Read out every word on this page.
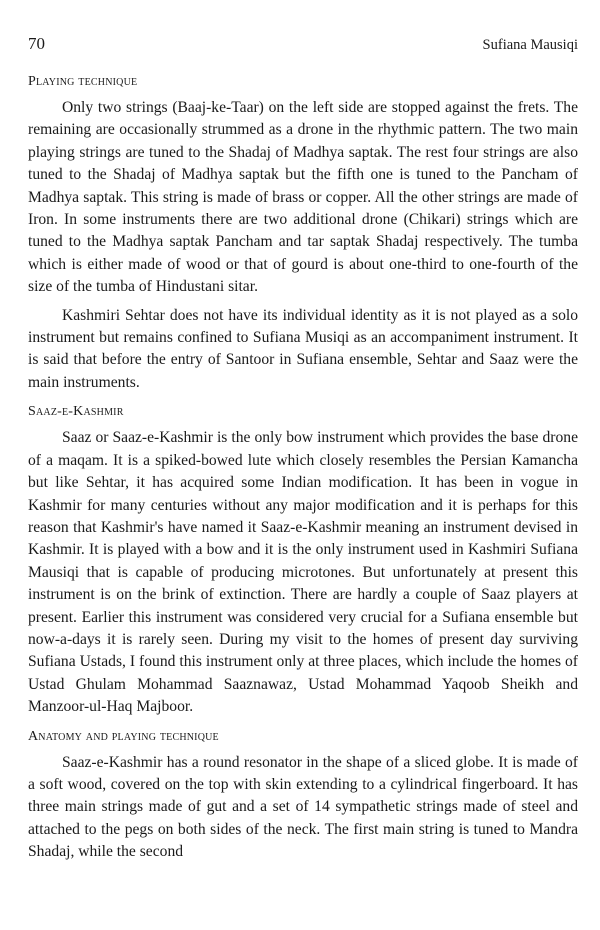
70	Sufiana Mausiqi
Playing technique

Only two strings (Baaj-ke-Taar) on the left side are stopped against the frets. The remaining are occasionally strummed as a drone in the rhythmic pattern. The two main playing strings are tuned to the Shadaj of Madhya saptak. The rest four strings are also tuned to the Shadaj of Madhya saptak but the fifth one is tuned to the Pancham of Madhya saptak. This string is made of brass or copper. All the other strings are made of Iron. In some instruments there are two additional drone (Chikari) strings which are tuned to the Madhya saptak Pancham and tar saptak Shadaj respectively. The tumba which is either made of wood or that of gourd is about one-third to one-fourth of the size of the tumba of Hindustani sitar.

Kashmiri Sehtar does not have its individual identity as it is not played as a solo instrument but remains confined to Sufiana Musiqi as an accompaniment instrument. It is said that before the entry of Santoor in Sufiana ensemble, Sehtar and Saaz were the main instruments.

Saaz-e-Kashmir

Saaz or Saaz-e-Kashmir is the only bow instrument which provides the base drone of a maqam. It is a spiked-bowed lute which closely resembles the Persian Kamancha but like Sehtar, it has acquired some Indian modification. It has been in vogue in Kashmir for many centuries without any major modification and it is perhaps for this reason that Kashmir's have named it Saaz-e-Kashmir meaning an instrument devised in Kashmir. It is played with a bow and it is the only instrument used in Kashmiri Sufiana Mausiqi that is capable of producing microtones. But unfortunately at present this instrument is on the brink of extinction. There are hardly a couple of Saaz players at present. Earlier this instrument was considered very crucial for a Sufiana ensemble but now-a-days it is rarely seen. During my visit to the homes of present day surviving Sufiana Ustads, I found this instrument only at three places, which include the homes of Ustad Ghulam Mohammad Saaznawaz, Ustad Mohammad Yaqoob Sheikh and Manzoor-ul-Haq Majboor.

Anatomy and playing technique

Saaz-e-Kashmir has a round resonator in the shape of a sliced globe. It is made of a soft wood, covered on the top with skin extending to a cylindrical fingerboard. It has three main strings made of gut and a set of 14 sympathetic strings made of steel and attached to the pegs on both sides of the neck. The first main string is tuned to Mandra Shadaj, while the second
